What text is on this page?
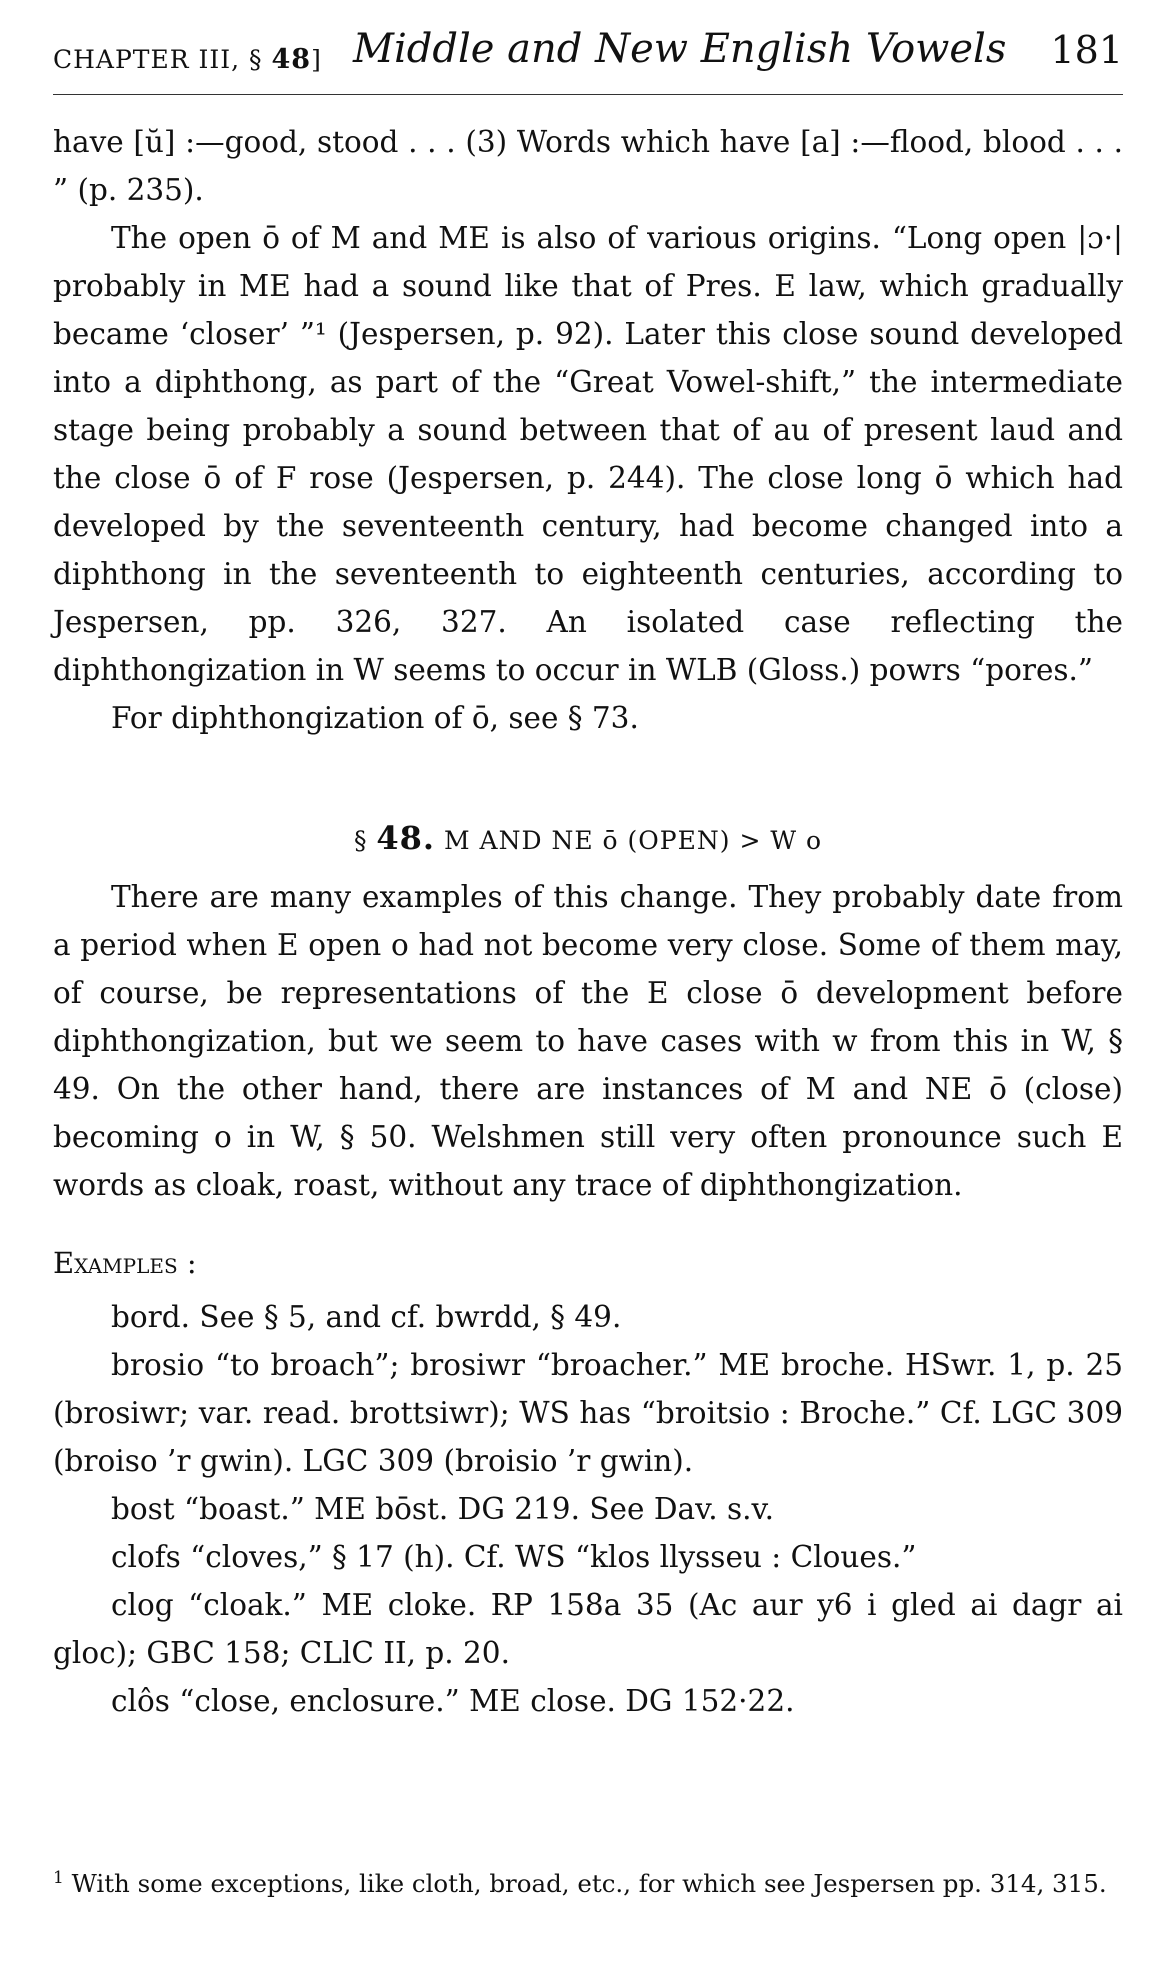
CHAPTER III, § 48] Middle and New English Vowels 181

have [ŭ] :—good, stood . . . (3) Words which have [a] :—flood, blood . . . ” (p. 235).

The open ō of M and ME is also of various origins. “Long open |ɔ·| probably in ME had a sound like that of Pres. E law, which gradually became ‘closer’ ”¹ (Jespersen, p. 92). Later this close sound developed into a diphthong, as part of the “Great Vowel-shift,” the intermediate stage being probably a sound between that of au of present laud and the close ō of F rose (Jespersen, p. 244). The close long ō which had developed by the seventeenth century, had become changed into a diphthong in the seventeenth to eighteenth centuries, according to Jespersen, pp. 326, 327. An isolated case reflecting the diphthongization in W seems to occur in WLB (Gloss.) powrs “pores.”

For diphthongization of ō, see § 73.

§ 48. M AND NE ō (OPEN) > W o

There are many examples of this change. They probably date from a period when E open o had not become very close. Some of them may, of course, be representations of the E close ō development before diphthongization, but we seem to have cases with w from this in W, § 49. On the other hand, there are instances of M and NE ō (close) becoming o in W, § 50. Welshmen still very often pronounce such E words as cloak, roast, without any trace of diphthongization.

Examples :

bord. See § 5, and cf. bwrdd, § 49.

brosio “to broach”; brosiwr “broacher.” ME broche. HSwr. 1, p. 25 (brosiwr; var. read. brottsiwr); WS has “broitsio : Broche.” Cf. LGC 309 (broiso ’r gwin). LGC 309 (broisio ’r gwin).

bost “boast.” ME bōst. DG 219. See Dav. s.v.

clofs “cloves,” § 17 (h). Cf. WS “klos llysseu : Cloues.”

clog “cloak.” ME cloke. RP 158a 35 (Ac aur y6 i gled ai dagr ai gloc); GBC 158; CLlC II, p. 20.

clôs “close, enclosure.” ME close. DG 152·22.

$^1$ With some exceptions, like cloth, broad, etc., for which see Jespersen pp. 314, 315.
